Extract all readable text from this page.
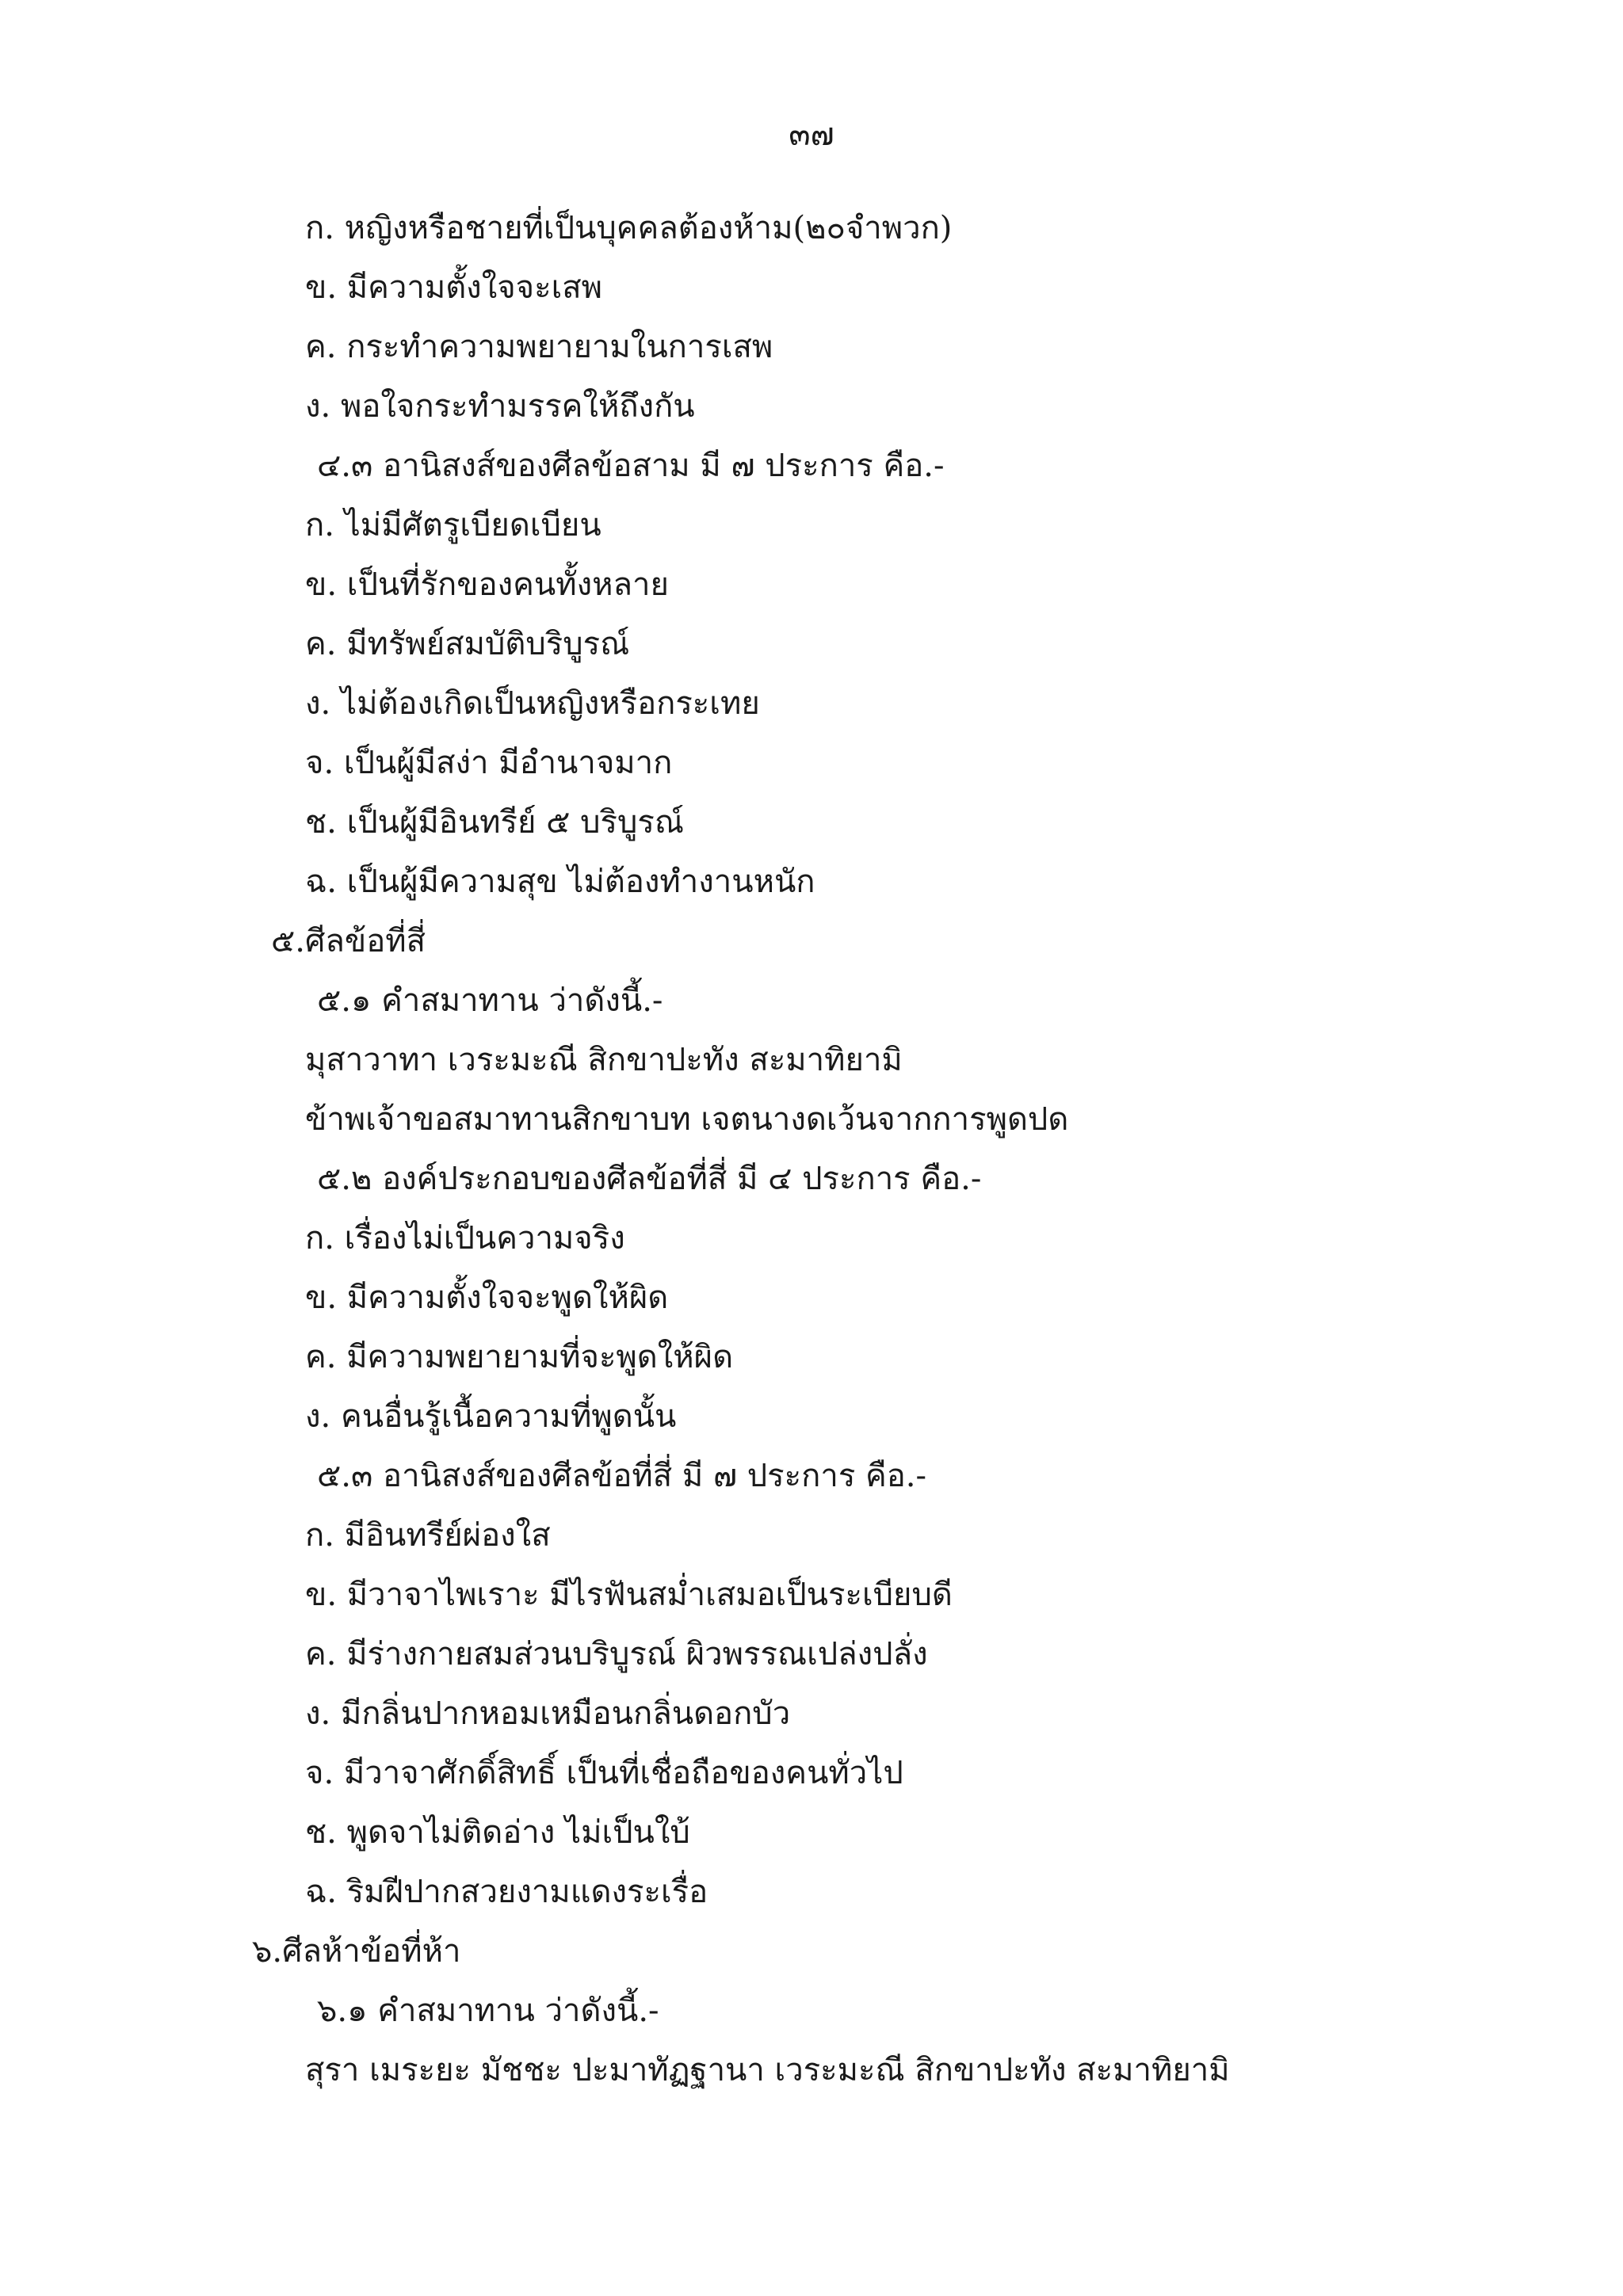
๓๗
ก. หญิงหรือชายที่เป็นบุคคลต้องห้าม(๒๐จำพวก)
ข. มีความตั้งใจจะเสพ
ค. กระทำความพยายามในการเสพ
ง. พอใจกระทำมรรคให้ถึงกัน
๔.๓ อานิสงส์ของศีลข้อสาม มี ๗ ประการ คือ.-
ก. ไม่มีศัตรูเบียดเบียน
ข. เป็นที่รักของคนทั้งหลาย
ค. มีทรัพย์สมบัติบริบูรณ์
ง. ไม่ต้องเกิดเป็นหญิงหรือกระเทย
จ. เป็นผู้มีสง่า มีอำนาจมาก
ช. เป็นผู้มีอินทรีย์ ๕ บริบูรณ์
ฉ. เป็นผู้มีความสุข ไม่ต้องทำงานหนัก
๕.ศีลข้อที่สี่
๕.๑ คำสมาทาน ว่าดังนี้.-
มุสาวาทา เวระมะณี สิกขาปะทัง สะมาทิยามิ
ข้าพเจ้าขอสมาทานสิกขาบท เจตนางดเว้นจากการพูดปด
๕.๒ องค์ประกอบของศีลข้อที่สี่ มี ๔ ประการ คือ.-
ก. เรื่องไม่เป็นความจริง
ข. มีความตั้งใจจะพูดให้ผิด
ค. มีความพยายามที่จะพูดให้ผิด
ง. คนอื่นรู้เนื้อความที่พูดนั้น
๕.๓ อานิสงส์ของศีลข้อที่สี่ มี ๗ ประการ คือ.-
ก. มีอินทรีย์ผ่องใส
ข. มีวาจาไพเราะ มีไรฟันสม่ำเสมอเป็นระเบียบดี
ค. มีร่างกายสมส่วนบริบูรณ์ ผิวพรรณเปล่งปลั่ง
ง. มีกลิ่นปากหอมเหมือนกลิ่นดอกบัว
จ. มีวาจาศักดิ์สิทธิ์ เป็นที่เชื่อถือของคนทั่วไป
ช. พูดจาไม่ติดอ่าง ไม่เป็นใบ้
ฉ. ริมฝีปากสวยงามแดงระเรื่อ
๖.ศีลห้าข้อที่ห้า
๖.๑ คำสมาทาน ว่าดังนี้.-
สุรา เมระยะ มัชชะ ปะมาทัฏฐานา เวระมะณี สิกขาปะทัง สะมาทิยามิ
